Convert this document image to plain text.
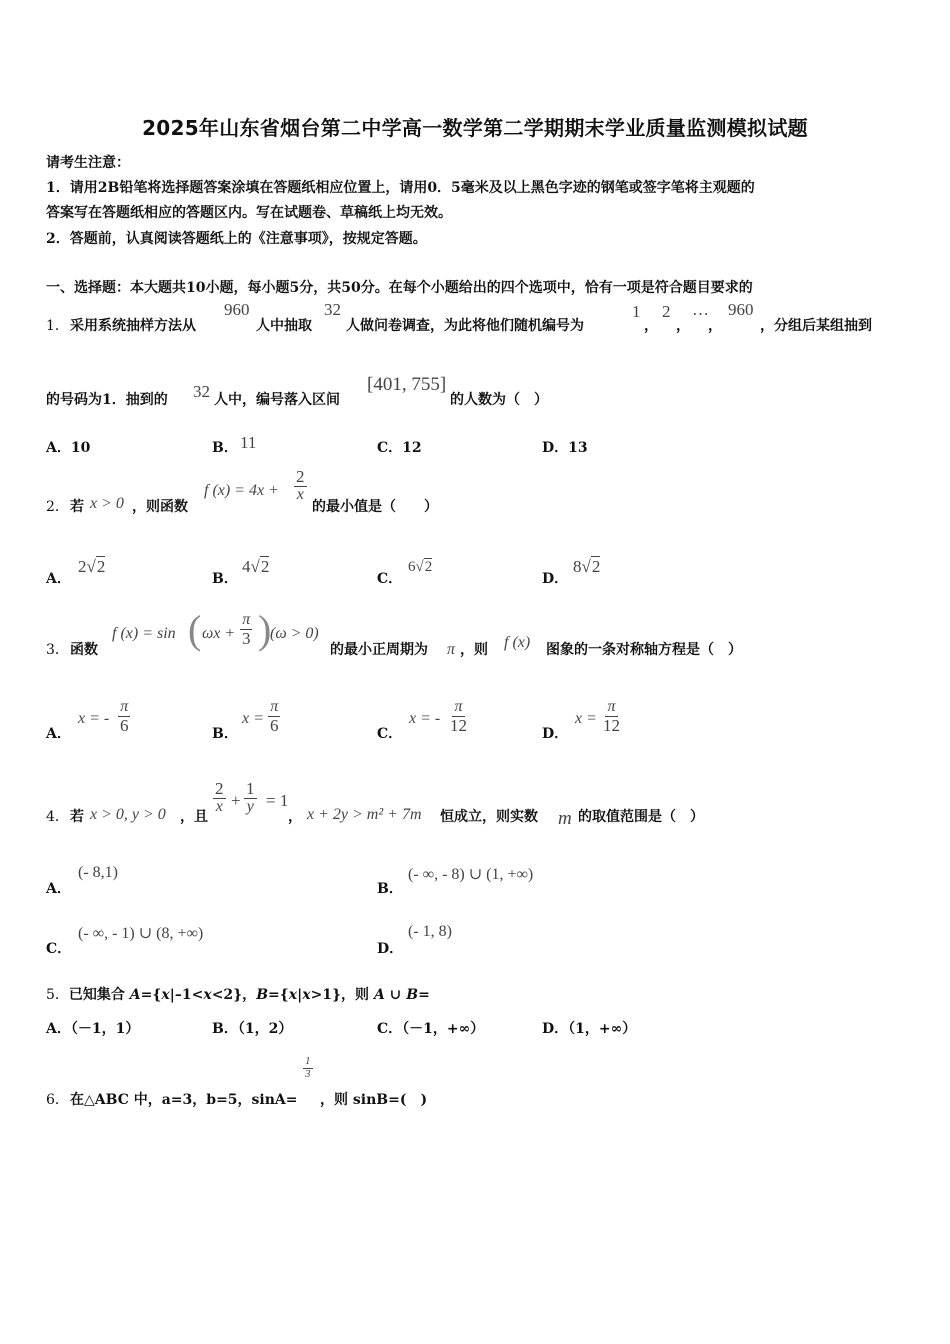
2025年山东省烟台第二中学高一数学第二学期期末学业质量监测模拟试题
请考生注意：
1．请用2B铅笔将选择题答案涂填在答题纸相应位置上，请用0．5毫米及以上黑色字迹的钢笔或签字笔将主观题的
答案写在答题纸相应的答题区内。写在试题卷、草稿纸上均无效。
2．答题前，认真阅读答题纸上的《注意事项》，按规定答题。
一、选择题：本大题共10小题，每小题5分，共50分。在每个小题给出的四个选项中，恰有一项是符合题目要求的
1． 采用系统抽样方法从
960
人中抽取
32
人做问卷调查，为此将他们随机编号为
1
，
2
，
…
，
960
，分组后某组抽到
的号码为1．抽到的 32 人中，编号落入区间
[401, 755]
的人数为（　）
A．10	B． 11	C．12	D．13
2． 若 x > 0 ，则函数
f $(x) = 4x + \frac{2}{x}$
的最小值是（　　）
A．
2√2
B．
4√2
C．
6√2
D．
8√2
3． 函数
f (x) = sin ( $\omega x + \frac{\pi}{3}$ )
(ω > 0)
的最小正周期为 π ，则 f (x) 图象的一条对称轴方程是（　）
A．
x = - $\frac{\pi}{6}$	B．
$x = \frac{\pi}{6}$	C．
x = - $\frac{\pi}{12}$	D．
$x = \frac{\pi}{12}$
4． 若 x > 0, y > 0 ，且
$\frac{2}{x} + \frac{1}{y} = 1$
， x + 2y > m² + 7m 恒成立，则实数 m 的取值范围是（　）
A．
(- 8,1)
B．
(- ∞, - 8) ∪ (1, +∞)
C．
(- ∞, - 1) ∪ (8, +∞)
D．
(- 1, 8)
5．已知集合 A={x|–1<x<2}，B={x|x>1}，则 A ∪ B=
A．（－1，1）	B．（1，2）	C．（－1，+∞）	D．（1，+∞）
6． 在△ABC 中，a=3，b=5，sinA=
$\frac{1}{3}$
，则 sinB=(　)
